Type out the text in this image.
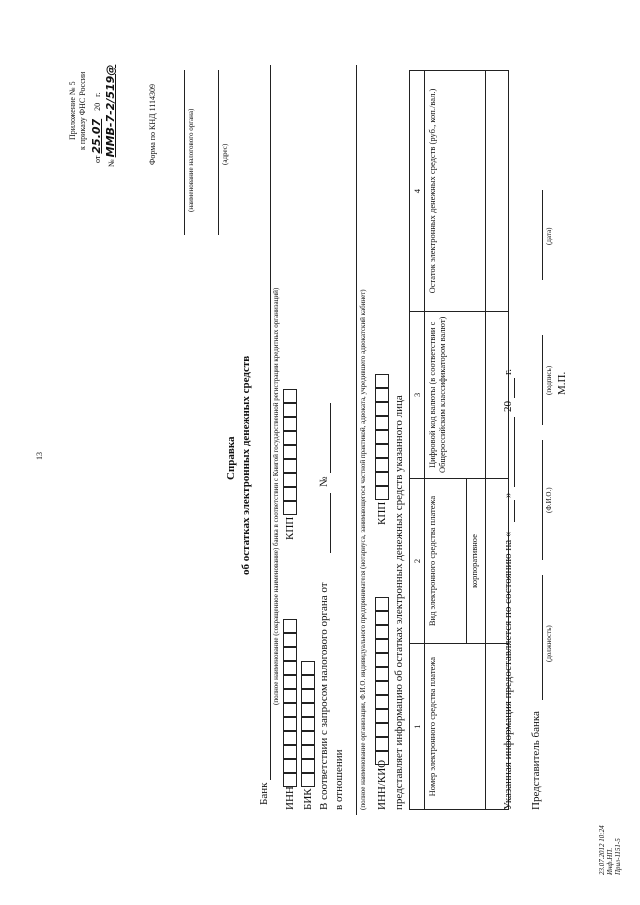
13
Приложение № 5 к приказу ФНС России
от 25.07    20   г.
№ ММВ-7-2/519@	Форма по КНД 1114309	(наименование налогового органа)	(адрес)
Справка об остатках электронных денежных средств
Банк
(полное наименование (сокращенное наименование) банка в соответствии с Книгой государственной регистрации кредитных организаций)
ИНН
КПП
БИК В соответствии с запросом налогового органа от
№
в отношении (полное наименование организации, Ф.И.О. индивидуального предпринимателя (нотариуса, занимающегося частной практикой, адвоката, учредившего адвокатский кабинет) ИНН/КИО
КПП представляет информацию об остатках электронных денежных средств указанного лица 1	2	3	4
Номер электронного средства платежа	Вид электронного средства платежа	Цифровой код валюты (в соответствии с Общероссийским классификатором валют)	Остаток электронных денежных средств (руб., коп./вал.)
	корпоративное		
			Указанная информация предоставляется по состоянию на «
»
20
г.
Представитель банка
(должность)
(Ф.И.О.)
(подпись)
(дата)
М.П.
23.07.2012 10:24 Инф.НП. Прил-1151-5
